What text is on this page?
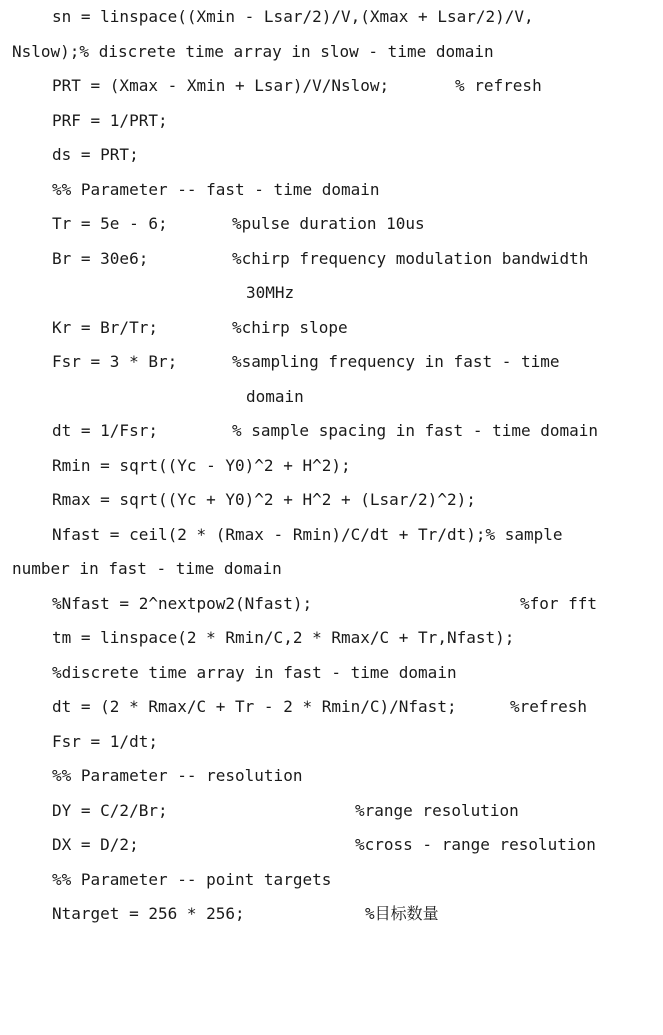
sn = linspace((Xmin - Lsar/2)/V,(Xmax + Lsar/2)/V,

Nslow);% discrete time array in slow - time domain

PRT = (Xmax - Xmin + Lsar)/V/Nslow;

	% refresh

PRF = 1/PRT;

ds = PRT;

%% Parameter -- fast - time domain

Tr = 5e - 6;

	%pulse duration 10us

Br = 30e6;

	%chirp frequency modulation bandwidth

30MHz

Kr = Br/Tr;

	%chirp slope

Fsr = 3 * Br;

	%sampling frequency in fast - time

domain

dt = 1/Fsr;

	% sample spacing in fast - time domain

Rmin = sqrt((Yc - Y0)^2 + H^2);

Rmax = sqrt((Yc + Y0)^2 + H^2 + (Lsar/2)^2);

Nfast = ceil(2 * (Rmax - Rmin)/C/dt + Tr/dt);% sample

number in fast - time domain

%Nfast = 2^nextpow2(Nfast);

	%for fft

tm = linspace(2 * Rmin/C,2 * Rmax/C + Tr,Nfast);

%discrete time array in fast - time domain

dt = (2 * Rmax/C + Tr - 2 * Rmin/C)/Nfast;

	%refresh

Fsr = 1/dt;

%% Parameter -- resolution

DY = C/2/Br;

	%range resolution

DX = D/2;

	%cross - range resolution

%% Parameter -- point targets

Ntarget = 256 * 256;

	%目标数量
